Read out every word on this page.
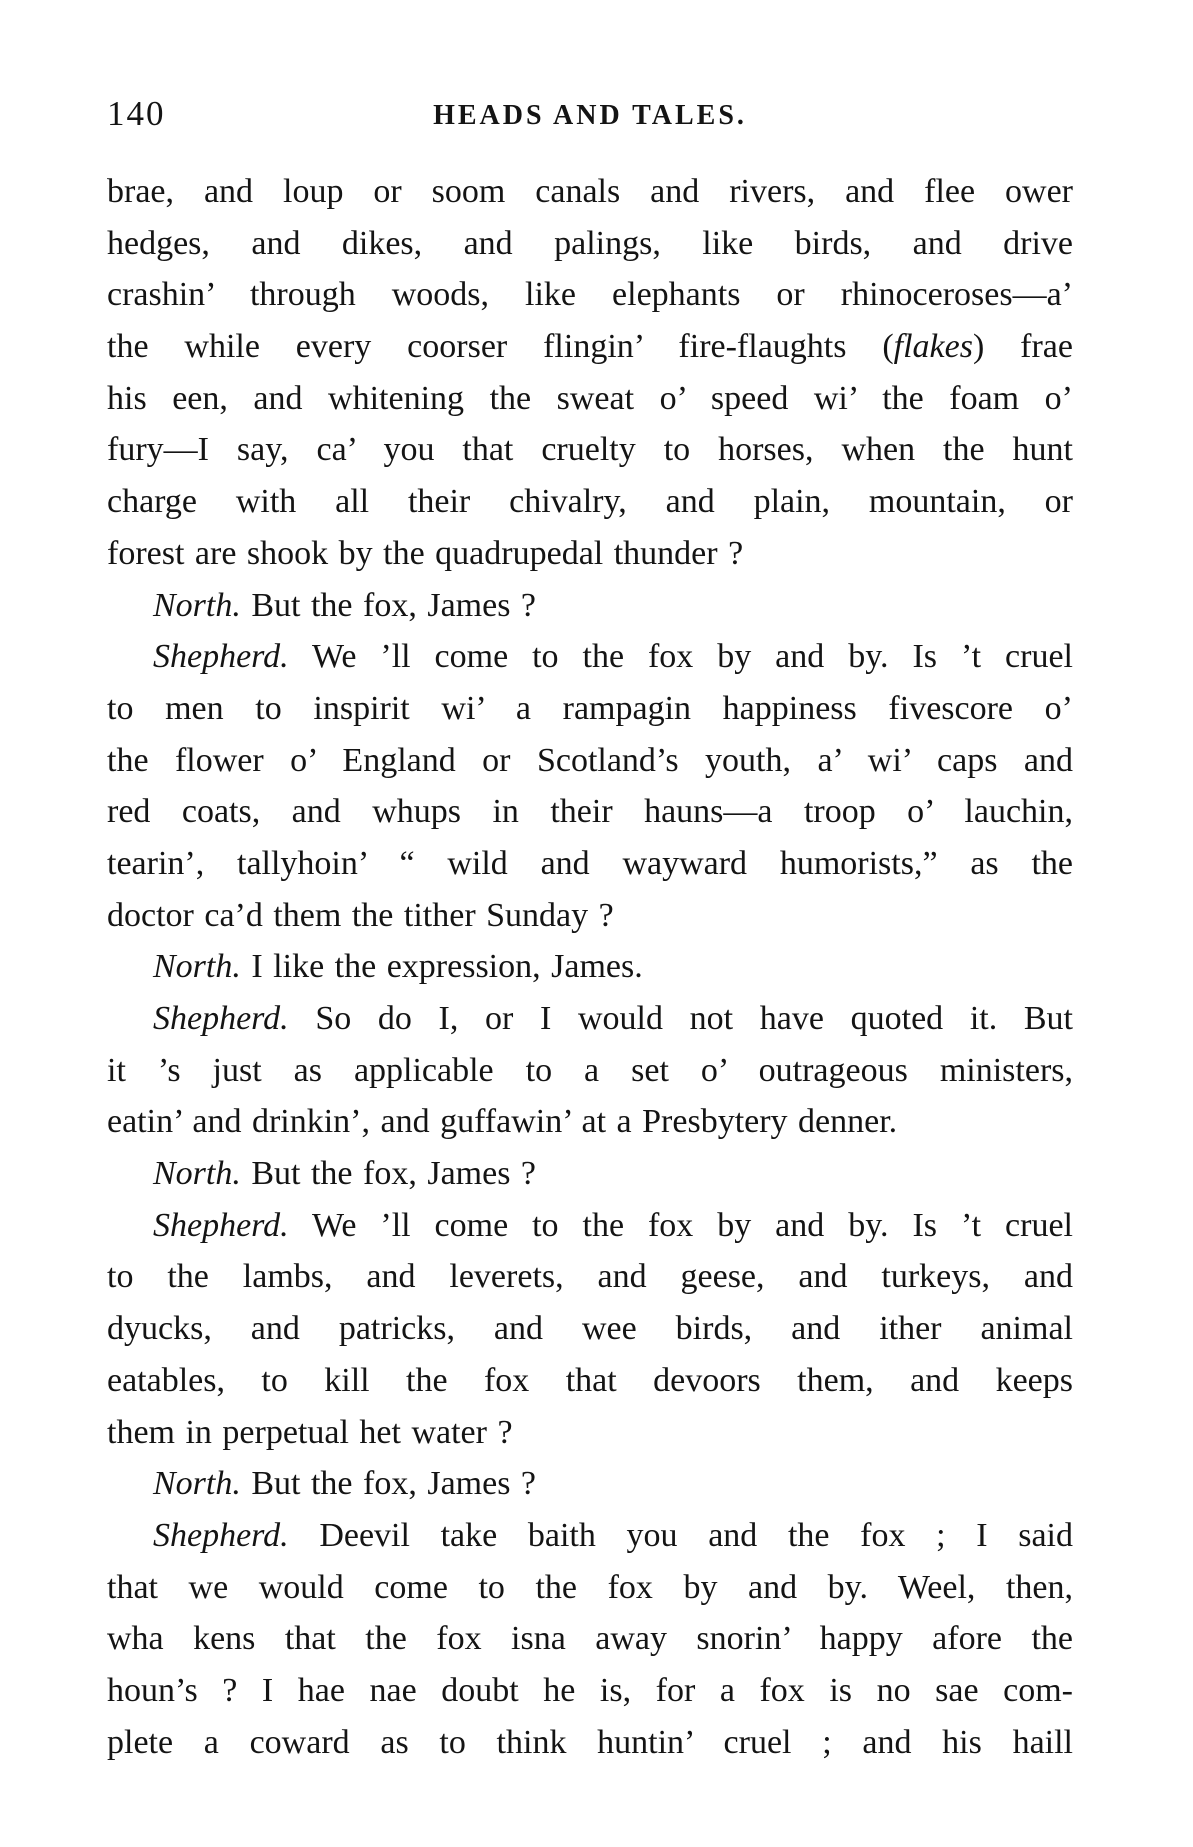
140	HEADS AND TALES.
brae, and loup or soom canals and rivers, and flee ower
hedges, and dikes, and palings, like birds, and drive
crashin’ through woods, like elephants or rhinoceroses—a’
the while every coorser flingin’ fire-flaughts (flakes) frae
his een, and whitening the sweat o’ speed wi’ the foam o’
fury—I say, ca’ you that cruelty to horses, when the hunt
charge with all their chivalry, and plain, mountain, or
forest are shook by the quadrupedal thunder ?
North. But the fox, James ?
Shepherd. We ’ll come to the fox by and by. Is ’t cruel
to men to inspirit wi’ a rampagin happiness fivescore o’
the flower o’ England or Scotland’s youth, a’ wi’ caps and
red coats, and whups in their hauns—a troop o’ lauchin,
tearin’, tallyhoin’ “ wild and wayward humorists,” as the
doctor ca’d them the tither Sunday ?
North. I like the expression, James.
Shepherd. So do I, or I would not have quoted it. But
it ’s just as applicable to a set o’ outrageous ministers,
eatin’ and drinkin’, and guffawin’ at a Presbytery denner.
North. But the fox, James ?
Shepherd. We ’ll come to the fox by and by. Is ’t cruel
to the lambs, and leverets, and geese, and turkeys, and
dyucks, and patricks, and wee birds, and ither animal
eatables, to kill the fox that devoors them, and keeps
them in perpetual het water ?
North. But the fox, James ?
Shepherd. Deevil take baith you and the fox ; I said
that we would come to the fox by and by. Weel, then,
wha kens that the fox isna away snorin’ happy afore the
houn’s ? I hae nae doubt he is, for a fox is no sae com-
plete a coward as to think huntin’ cruel ; and his haill
